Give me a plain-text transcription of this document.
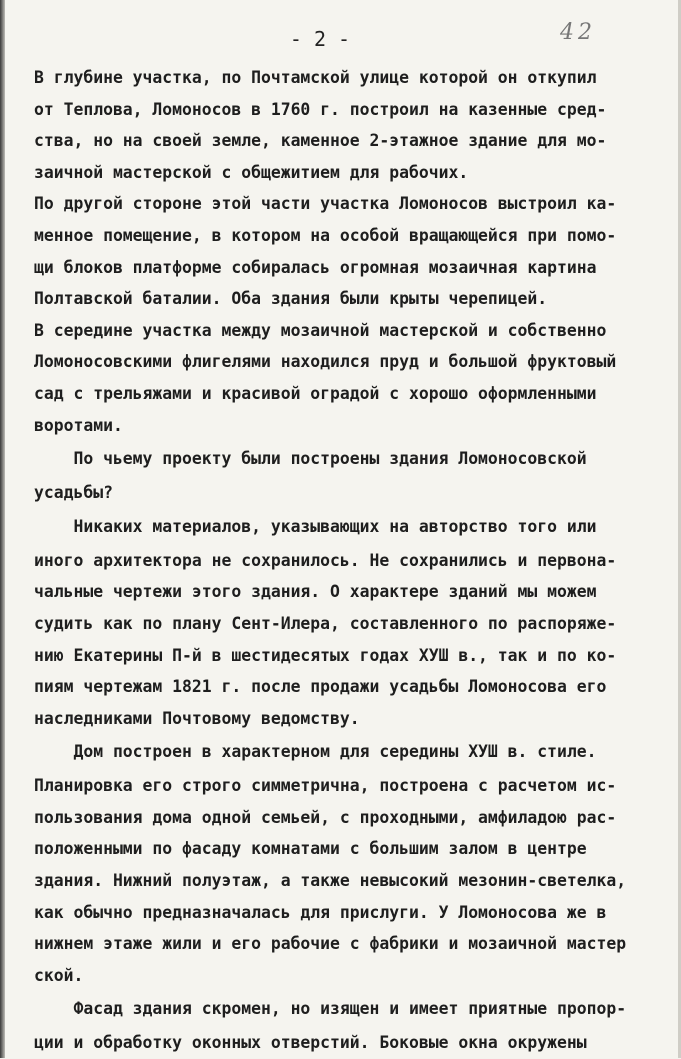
- 2 -	42
В глубине участка, по Почтамской улице которой он откупил
от Теплова, Ломоносов в 1760 г. построил на казенные сред-
ства, но на своей земле, каменное 2-этажное здание для мо-
заичной мастерской с общежитием для рабочих.
По другой стороне этой части участка Ломоносов выстроил ка-
менное помещение, в котором на особой вращающейся при помо-
щи блоков платформе собиралась огромная мозаичная картина
Полтавской баталии. Оба здания были крыты черепицей.
В середине участка между мозаичной мастерской и собственно
Ломоносовскими флигелями находился пруд и большой фруктовый
сад с трельяжами и красивой оградой с хорошо оформленными
воротами.
По чьему проекту были построены здания Ломоносовской
усадьбы?
Никаких материалов, указывающих на авторство того или
иного архитектора не сохранилось. Не сохранились и первона-
чальные чертежи этого здания. О характере зданий мы можем
судить как по плану Сент-Илера, составленного по распоряже-
нию Екатерины П-й в шестидесятых годах ХУШ в., так и по ко-
пиям чертежам 1821 г. после продажи усадьбы Ломоносова его
наследниками Почтовому ведомству.
Дом построен в характерном для середины ХУШ в. стиле.
Планировка его строго симметрична, построена с расчетом ис-
пользования дома одной семьей, с проходными, амфиладою рас-
положенными по фасаду комнатами с большим залом в центре
здания. Нижний полуэтаж, а также невысокий мезонин-светелка,
как обычно предназначалась для прислуги. У Ломоносова же в
нижнем этаже жили и его рабочие с фабрики и мозаичной мастер
ской.
Фасад здания скромен, но изящен и имеет приятные пропор-
ции и обработку оконных отверстий. Боковые окна окружены
